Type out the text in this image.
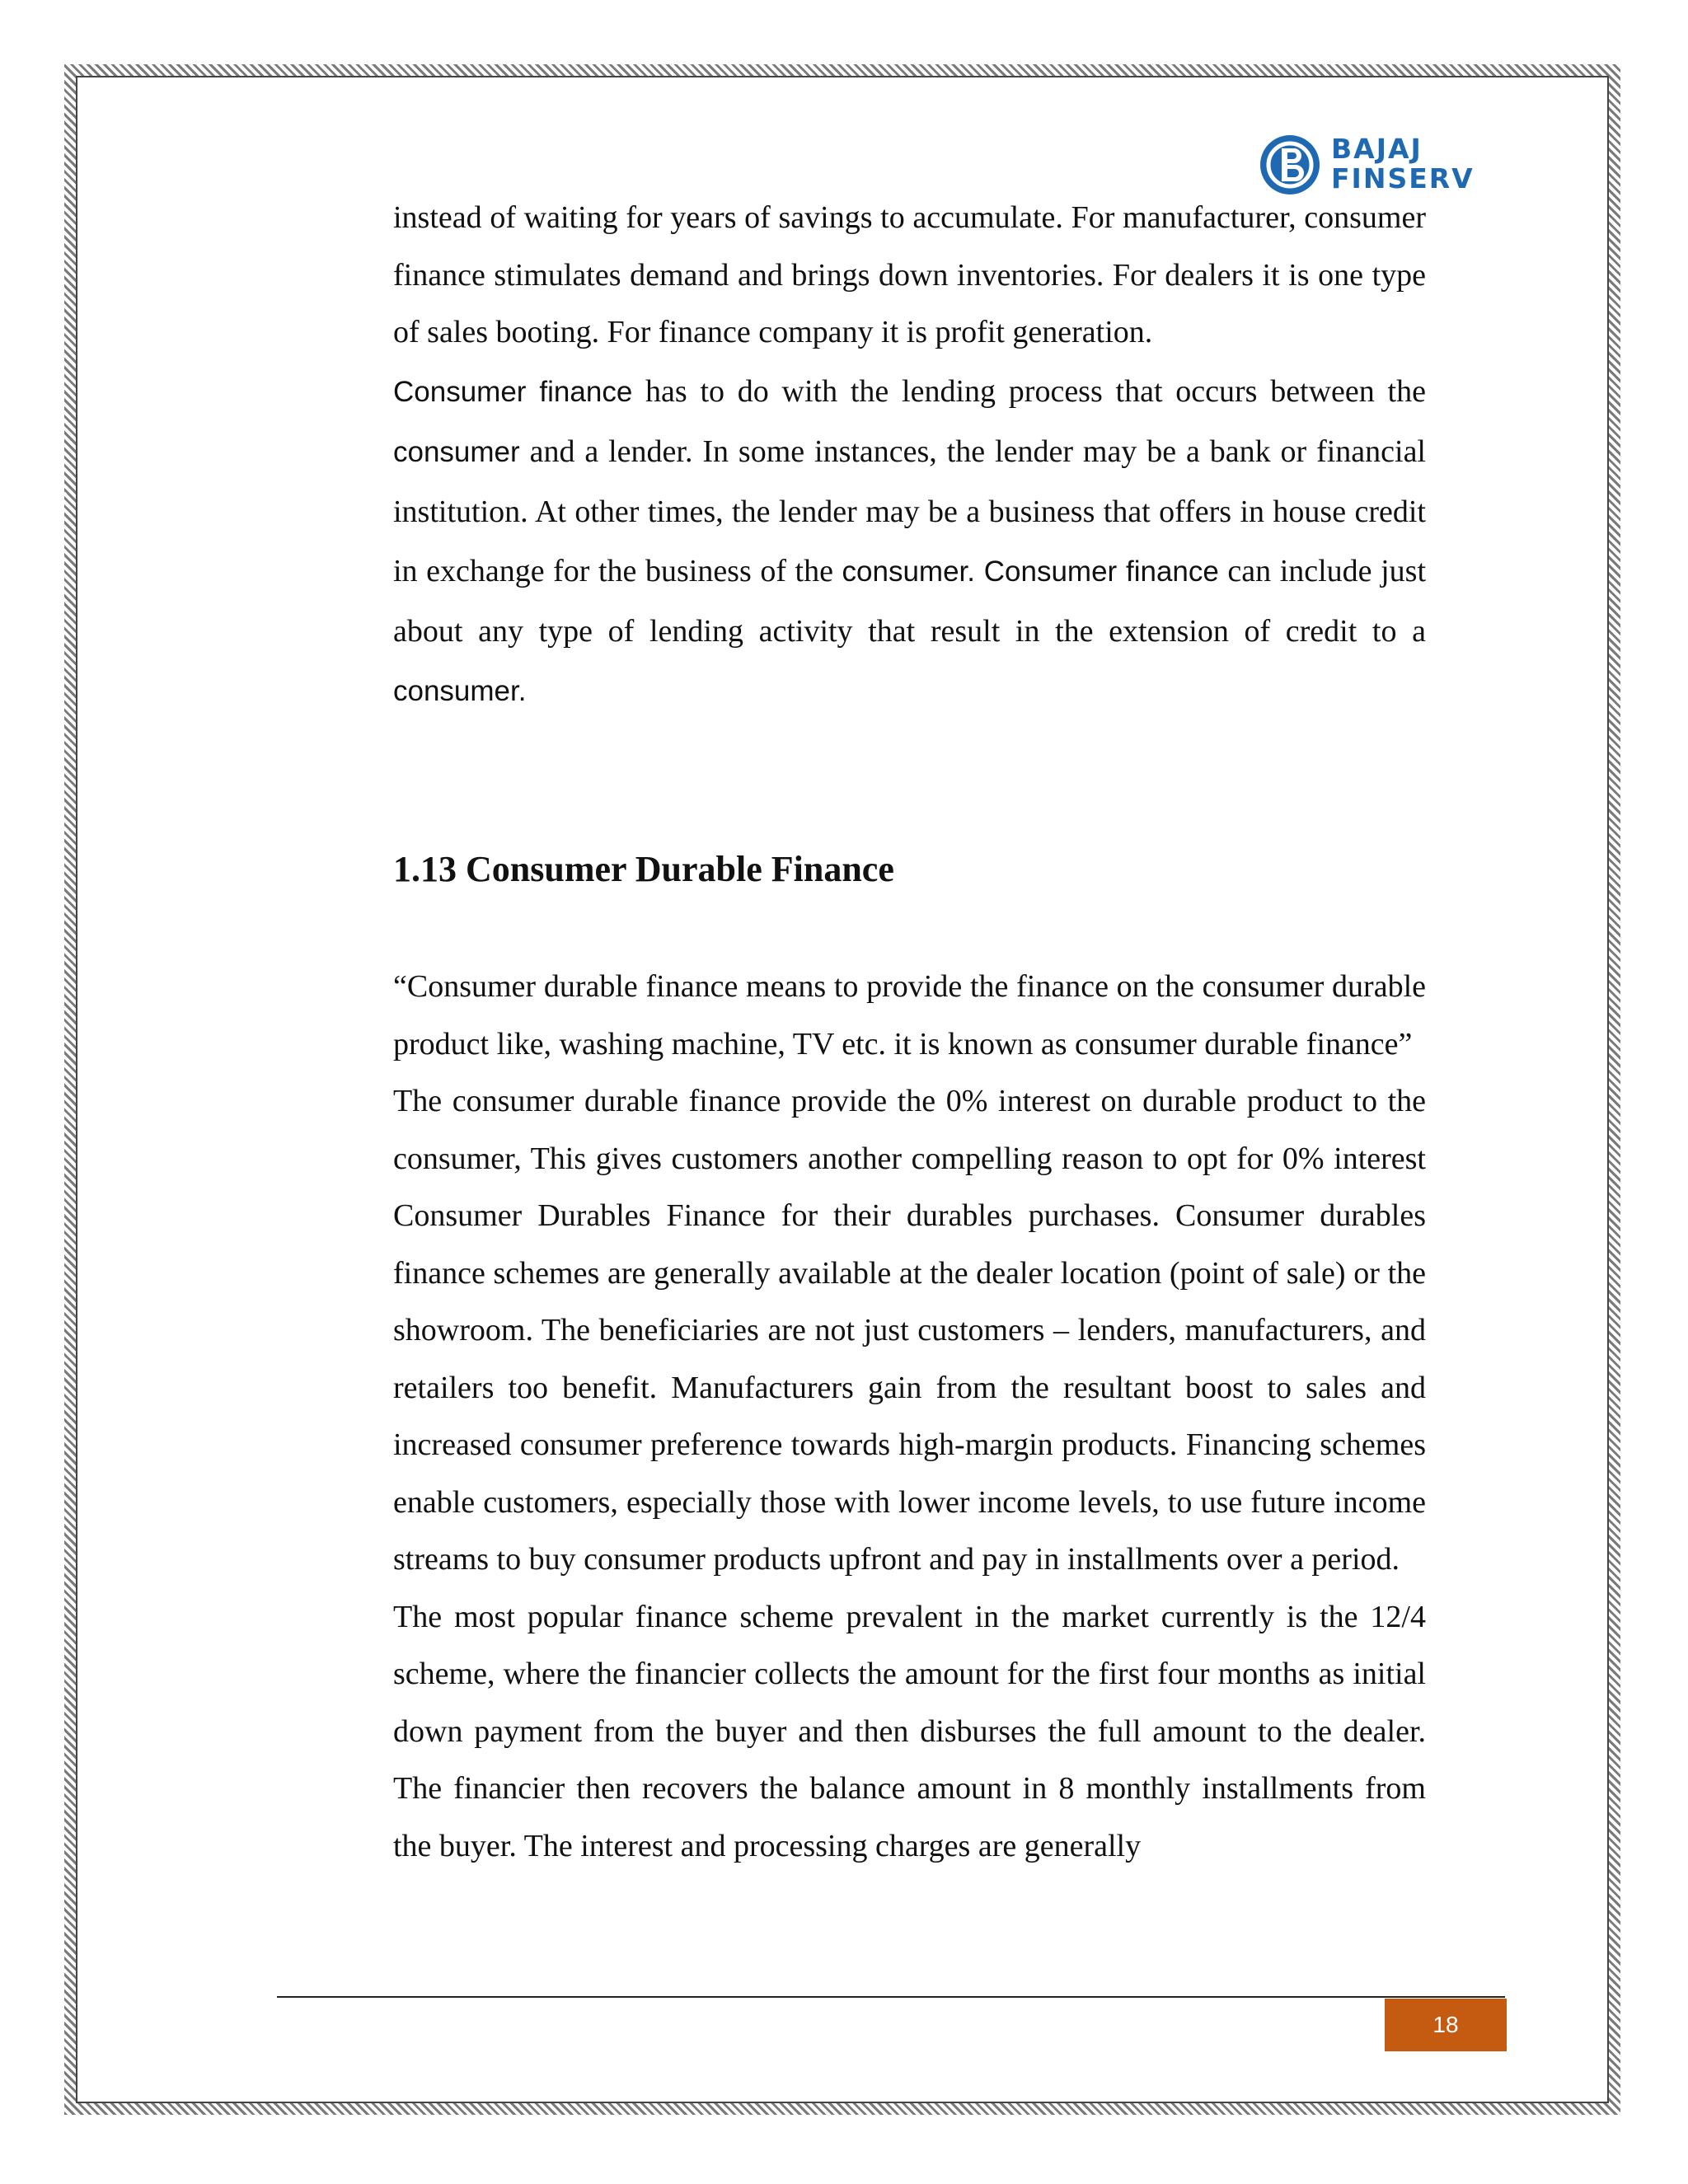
BAJAJ
FINSERV

instead of waiting for years of savings to accumulate. For manufacturer, consumer finance stimulates demand and brings down inventories. For dealers it is one type of sales booting. For finance company it is profit generation.

Consumer finance has to do with the lending process that occurs between the consumer and a lender. In some instances, the lender may be a bank or financial institution. At other times, the lender may be a business that offers in house credit in exchange for the business of the consumer. Consumer finance can include just about any type of lending activity that result in the extension of credit to a consumer.

1.13 Consumer Durable Finance

“Consumer durable finance means to provide the finance on the consumer durable product like, washing machine, TV etc. it is known as consumer durable finance”

The consumer durable finance provide the 0% interest on durable product to the consumer, This gives customers another compelling reason to opt for 0% interest Consumer Durables Finance for their durables purchases. Consumer durables finance schemes are generally available at the dealer location (point of sale) or the showroom. The beneficiaries are not just customers – lenders, manufacturers, and retailers too benefit. Manufacturers gain from the resultant boost to sales and increased consumer preference towards high-margin products. Financing schemes enable customers, especially those with lower income levels, to use future income streams to buy consumer products upfront and pay in installments over a period.

The most popular finance scheme prevalent in the market currently is the 12/4 scheme, where the financier collects the amount for the first four months as initial down payment from the buyer and then disburses the full amount to the dealer. The financier then recovers the balance amount in 8 monthly installments from the buyer. The interest and processing charges are generally

18
